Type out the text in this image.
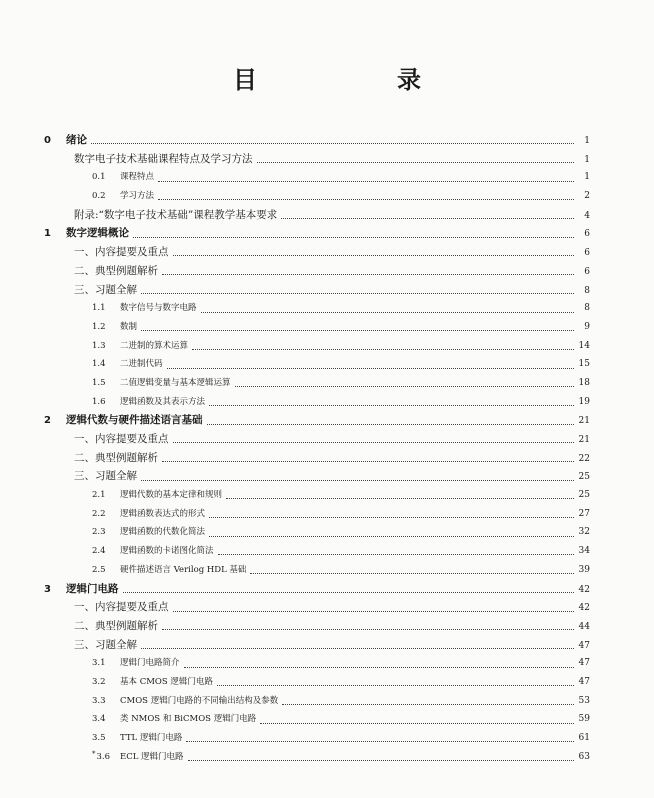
目　录
0	绪论	1
数字电子技术基础课程特点及学习方法	1
0.1	课程特点	1
0.2	学习方法	2
附录:“数字电子技术基础”课程教学基本要求	4
1	数字逻辑概论	6
一、内容提要及重点	6
二、典型例题解析	6
三、习题全解	8
1.1	数字信号与数字电路	8
1.2	数制	9
1.3	二进制的算术运算	14
1.4	二进制代码	15
1.5	二值逻辑变量与基本逻辑运算	18
1.6	逻辑函数及其表示方法	19
2	逻辑代数与硬件描述语言基础	21
一、内容提要及重点	21
二、典型例题解析	22
三、习题全解	25
2.1	逻辑代数的基本定律和规则	25
2.2	逻辑函数表达式的形式	27
2.3	逻辑函数的代数化简法	32
2.4	逻辑函数的卡诺图化简法	34
2.5	硬件描述语言 Verilog HDL 基础	39
3	逻辑门电路	42
一、内容提要及重点	42
二、典型例题解析	44
三、习题全解	47
3.1	逻辑门电路简介	47
3.2	基本 CMOS 逻辑门电路	47
3.3	CMOS 逻辑门电路的不同输出结构及参数	53
3.4	类 NMOS 和 BiCMOS 逻辑门电路	59
3.5	TTL 逻辑门电路	61
*3.6	ECL 逻辑门电路	63
